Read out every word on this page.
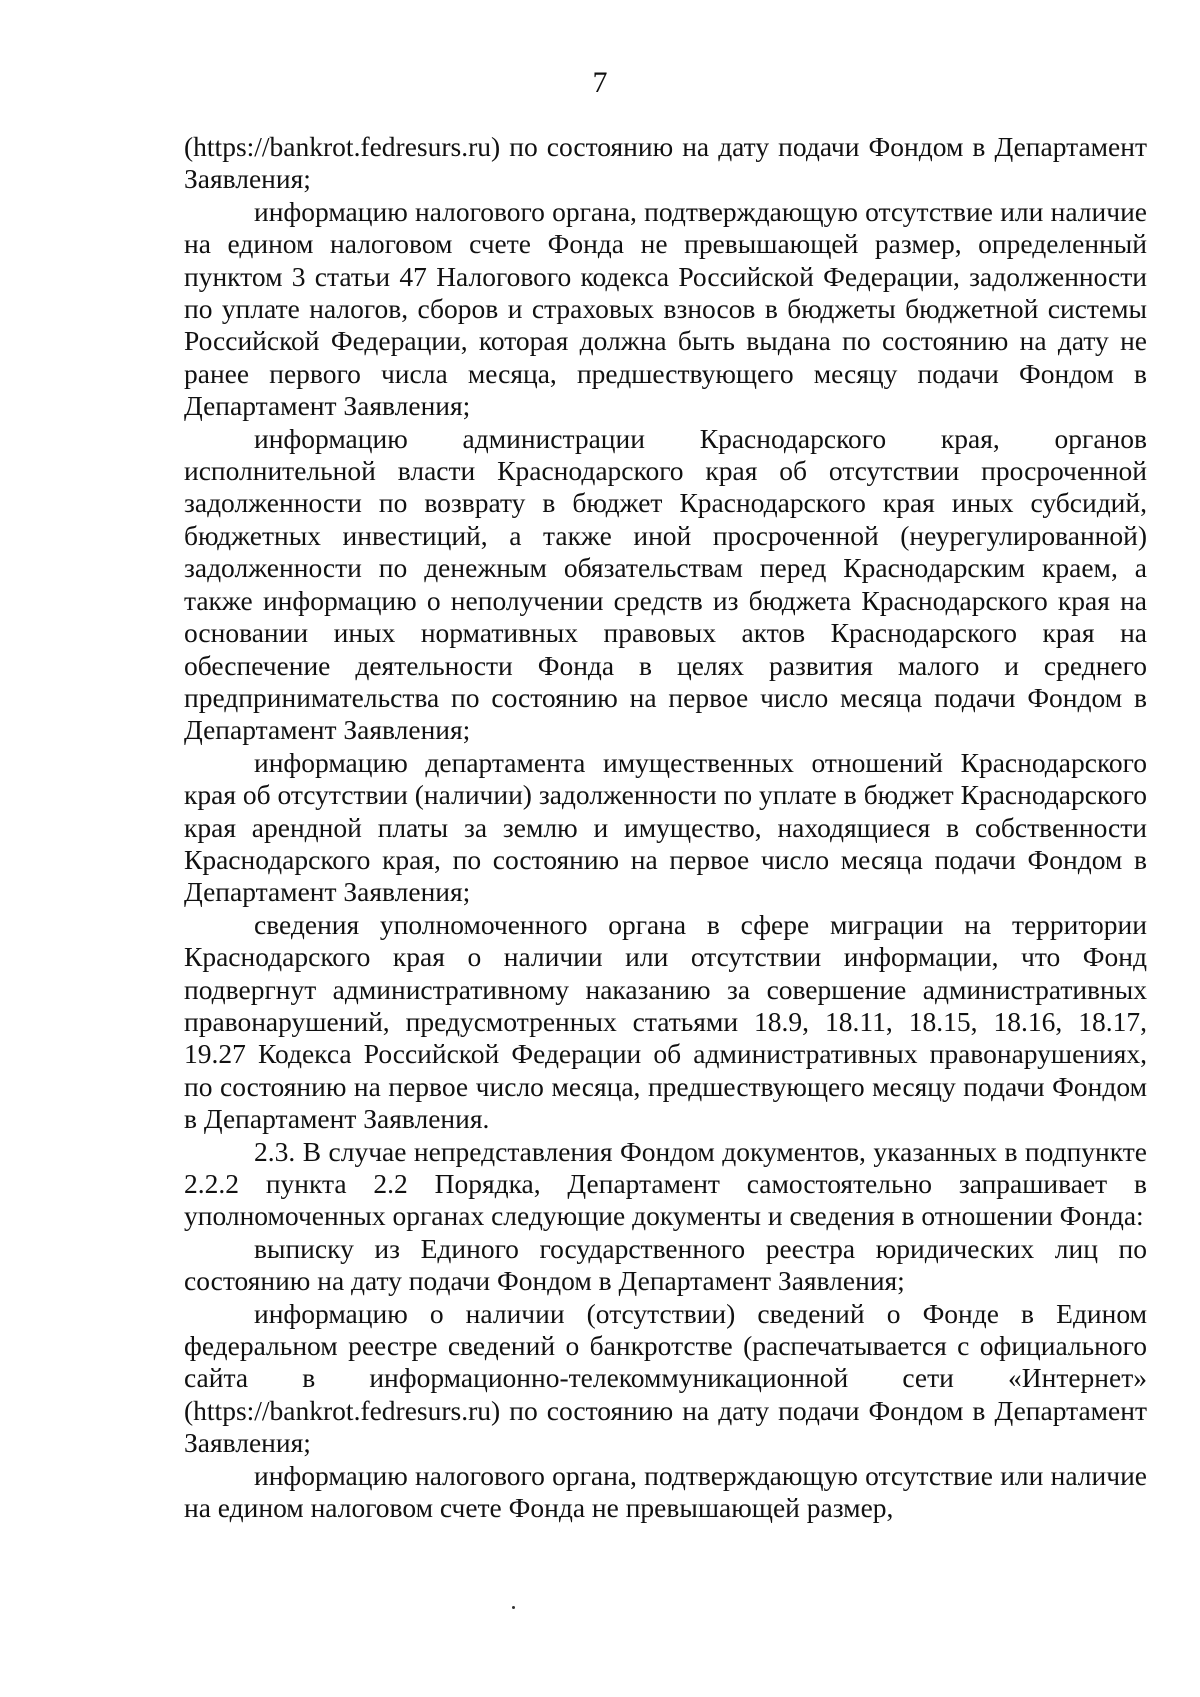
7

(https://bankrot.fedresurs.ru) по состоянию на дату подачи Фондом в Департамент Заявления;

информацию налогового органа, подтверждающую отсутствие или наличие на едином налоговом счете Фонда не превышающей размер, определенный пунктом 3 статьи 47 Налогового кодекса Российской Федерации, задолженности по уплате налогов, сборов и страховых взносов в бюджеты бюджетной системы Российской Федерации, которая должна быть выдана по состоянию на дату не ранее первого числа месяца, предшествующего месяцу подачи Фондом в Департамент Заявления;

информацию администрации Краснодарского края, органов исполнительной власти Краснодарского края об отсутствии просроченной задолженности по возврату в бюджет Краснодарского края иных субсидий, бюджетных инвестиций, а также иной просроченной (неурегулированной) задолженности по денежным обязательствам перед Краснодарским краем, а также информацию о неполучении средств из бюджета Краснодарского края на основании иных нормативных правовых актов Краснодарского края на обеспечение деятельности Фонда в целях развития малого и среднего предпринимательства по состоянию на первое число месяца подачи Фондом в Департамент Заявления;

информацию департамента имущественных отношений Краснодарского края об отсутствии (наличии) задолженности по уплате в бюджет Краснодарского края арендной платы за землю и имущество, находящиеся в собственности Краснодарского края, по состоянию на первое число месяца подачи Фондом в Департамент Заявления;

сведения уполномоченного органа в сфере миграции на территории Краснодарского края о наличии или отсутствии информации, что Фонд подвергнут административному наказанию за совершение административных правонарушений, предусмотренных статьями 18.9, 18.11, 18.15, 18.16, 18.17, 19.27 Кодекса Российской Федерации об административных правонарушениях, по состоянию на первое число месяца, предшествующего месяцу подачи Фондом в Департамент Заявления.

2.3. В случае непредставления Фондом документов, указанных в подпункте 2.2.2 пункта 2.2 Порядка, Департамент самостоятельно запрашивает в уполномоченных органах следующие документы и сведения в отношении Фонда:

выписку из Единого государственного реестра юридических лиц по состоянию на дату подачи Фондом в Департамент Заявления;

информацию о наличии (отсутствии) сведений о Фонде в Едином федеральном реестре сведений о банкротстве (распечатывается с официального сайта в информационно-телекоммуникационной сети «Интернет» (https://bankrot.fedresurs.ru) по состоянию на дату подачи Фондом в Департамент Заявления;

информацию налогового органа, подтверждающую отсутствие или наличие на едином налоговом счете Фонда не превышающей размер,
